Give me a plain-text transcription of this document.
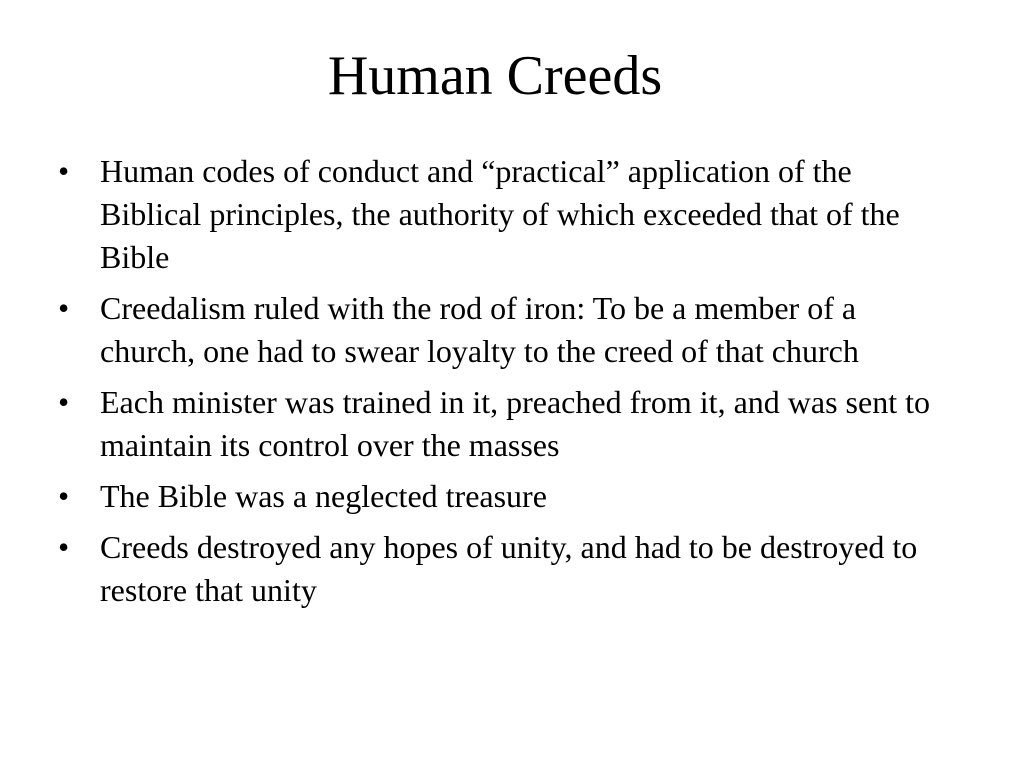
Human Creeds
• Human codes of conduct and “practical” application of the Biblical principles, the authority of which exceeded that of the Bible
• Creedalism ruled with the rod of iron: To be a member of a church, one had to swear loyalty to the creed of that church
• Each minister was trained in it, preached from it, and was sent to maintain its control over the masses
• The Bible was a neglected treasure
• Creeds destroyed any hopes of unity, and had to be destroyed to restore that unity
